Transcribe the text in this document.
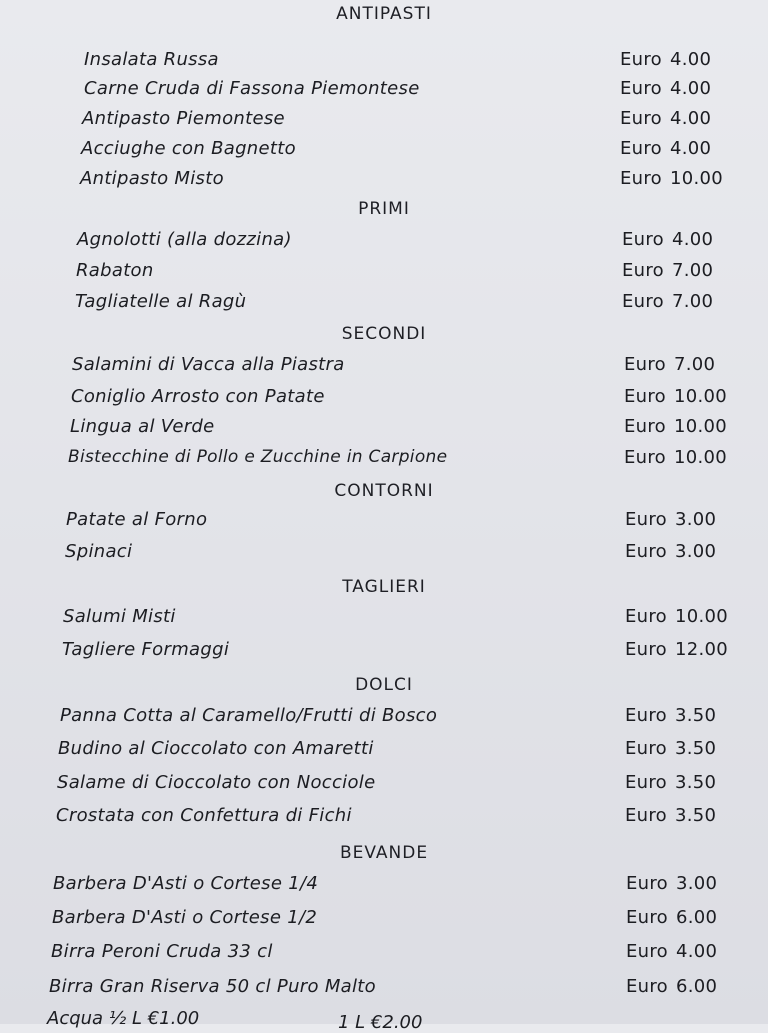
ANTIPASTI
Insalata Russa	Euro 4.00
Carne Cruda di Fassona Piemontese	Euro 4.00
Antipasto Piemontese	Euro 4.00
Acciughe con Bagnetto	Euro 4.00
Antipasto Misto	Euro 10.00
PRIMI
Agnolotti (alla dozzina)	Euro 4.00
Rabaton	Euro 7.00
Tagliatelle al Ragù	Euro 7.00
SECONDI
Salamini di Vacca alla Piastra	Euro 7.00
Coniglio Arrosto con Patate	Euro 10.00
Lingua al Verde	Euro 10.00
Bistecchine di Pollo e Zucchine in Carpione	Euro 10.00
CONTORNI
Patate al Forno	Euro 3.00
Spinaci	Euro 3.00
TAGLIERI
Salumi Misti	Euro 10.00
Tagliere Formaggi	Euro 12.00
DOLCI
Panna Cotta al Caramello/Frutti di Bosco	Euro 3.50
Budino al Cioccolato con Amaretti	Euro 3.50
Salame di Cioccolato con Nocciole	Euro 3.50
Crostata con Confettura di Fichi	Euro 3.50
BEVANDE
Barbera D'Asti o Cortese 1/4	Euro 3.00
Barbera D'Asti o Cortese 1/2	Euro 6.00
Birra Peroni Cruda 33 cl	Euro 4.00
Birra Gran Riserva 50 cl Puro Malto	Euro 6.00
Acqua ½ L €1.00	1 L €2.00
